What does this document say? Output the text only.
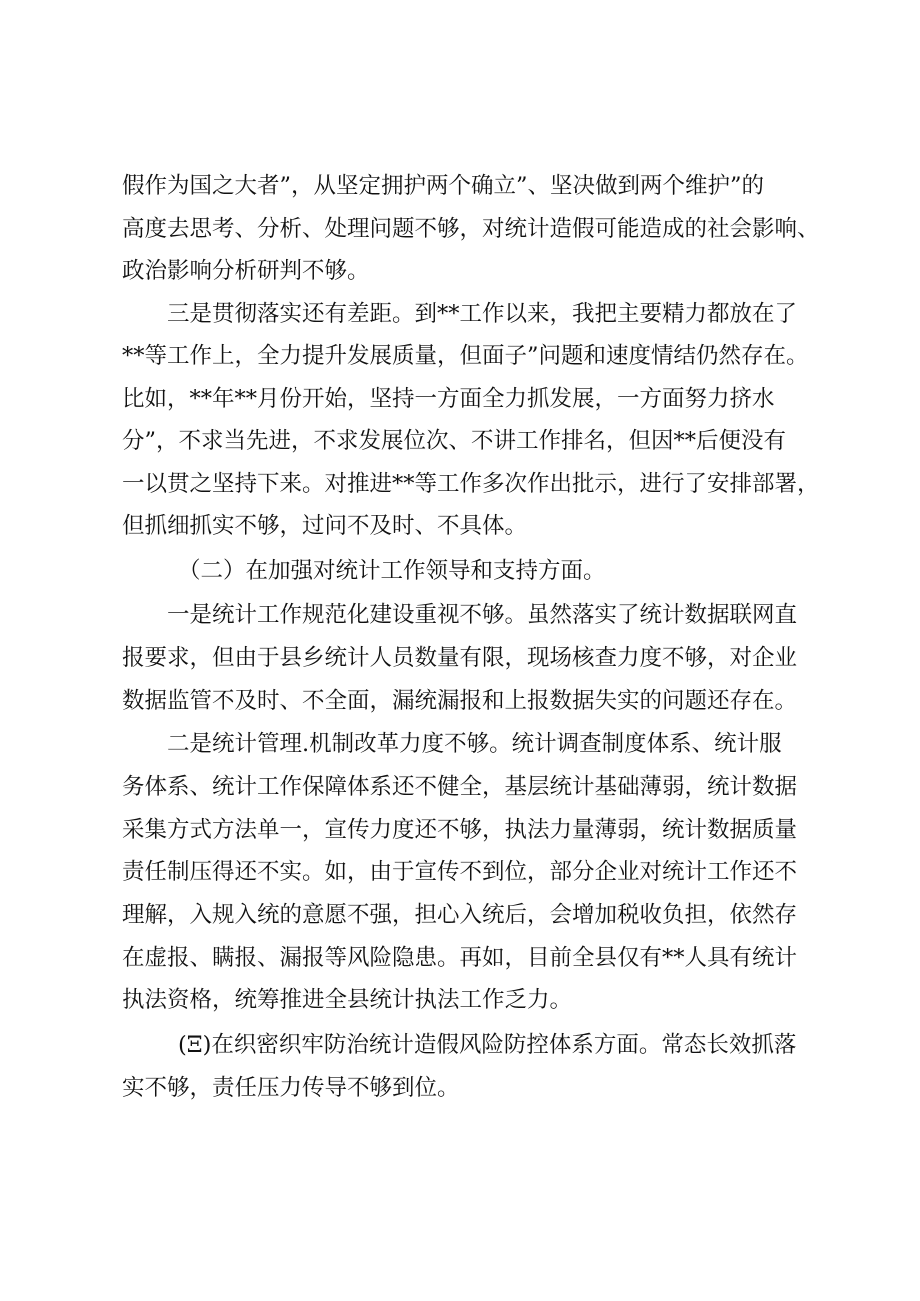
假作为国之大者”，从坚定拥护两个确立”、坚决做到两个维护”的
高度去思考、分析、处理问题不够，对统计造假可能造成的社会影响、
政治影响分析研判不够。
三是贯彻落实还有差距。到**工作以来，我把主要精力都放在了
**等工作上，全力提升发展质量，但面子”问题和速度情结仍然存在。
比如，**年**月份开始，坚持一方面全力抓发展，一方面努力挤水
分”，不求当先进，不求发展位次、不讲工作排名，但因**后便没有
一以贯之坚持下来。对推进**等工作多次作出批示，进行了安排部署，
但抓细抓实不够，过问不及时、不具体。
（二）在加强对统计工作领导和支持方面。
一是统计工作规范化建设重视不够。虽然落实了统计数据联网直
报要求，但由于县乡统计人员数量有限，现场核查力度不够，对企业
数据监管不及时、不全面，漏统漏报和上报数据失实的问题还存在。
二是统计管理.机制改革力度不够。统计调查制度体系、统计服
务体系、统计工作保障体系还不健全，基层统计基础薄弱，统计数据
采集方式方法单一，宣传力度还不够，执法力量薄弱，统计数据质量
责任制压得还不实。如，由于宣传不到位，部分企业对统计工作还不
理解，入规入统的意愿不强，担心入统后，会增加税收负担，依然存
在虚报、瞒报、漏报等风险隐患。再如，目前全县仅有**人具有统计
执法资格，统筹推进全县统计执法工作乏力。
(Ξ)在织密织牢防治统计造假风险防控体系方面。常态长效抓落
实不够，责任压力传导不够到位。
